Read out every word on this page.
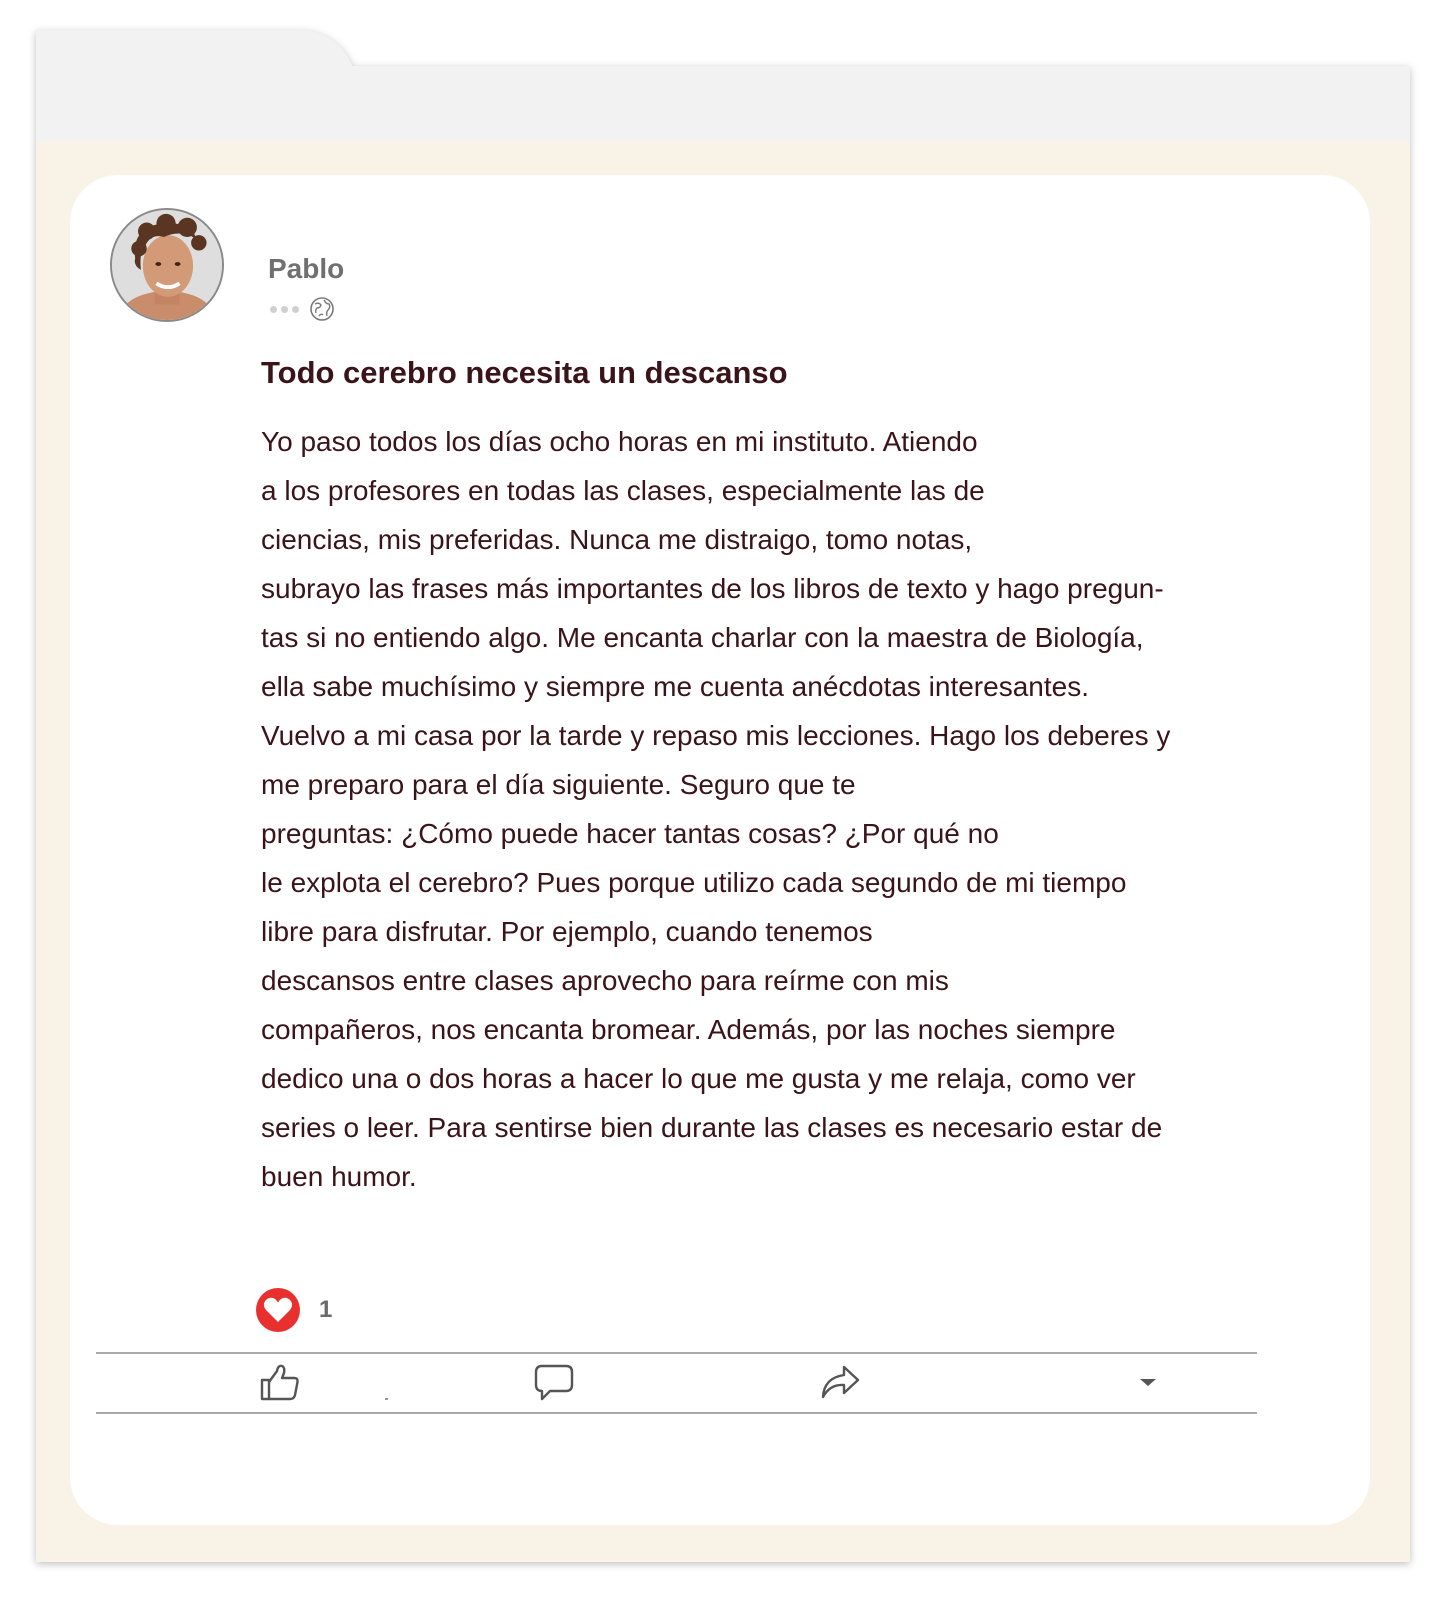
Pablo
Todo cerebro necesita un descanso
Yo paso todos los días ocho horas en mi instituto. Atiendo
a los profesores en todas las clases, especialmente las de
ciencias, mis preferidas. Nunca me distraigo, tomo notas,
subrayo las frases más importantes de los libros de texto y hago pregun-
tas si no entiendo algo. Me encanta charlar con la maestra de Biología,
ella sabe muchísimo y siempre me cuenta anécdotas interesantes.
Vuelvo a mi casa por la tarde y repaso mis lecciones. Hago los deberes y
me preparo para el día siguiente. Seguro que te
preguntas: ¿Cómo puede hacer tantas cosas? ¿Por qué no
le explota el cerebro? Pues porque utilizo cada segundo de mi tiempo
libre para disfrutar. Por ejemplo, cuando tenemos
descansos entre clases aprovecho para reírme con mis
compañeros, nos encanta bromear. Además, por las noches siempre
dedico una o dos horas a hacer lo que me gusta y me relaja, como ver
series o leer. Para sentirse bien durante las clases es necesario estar de
buen humor.
1
